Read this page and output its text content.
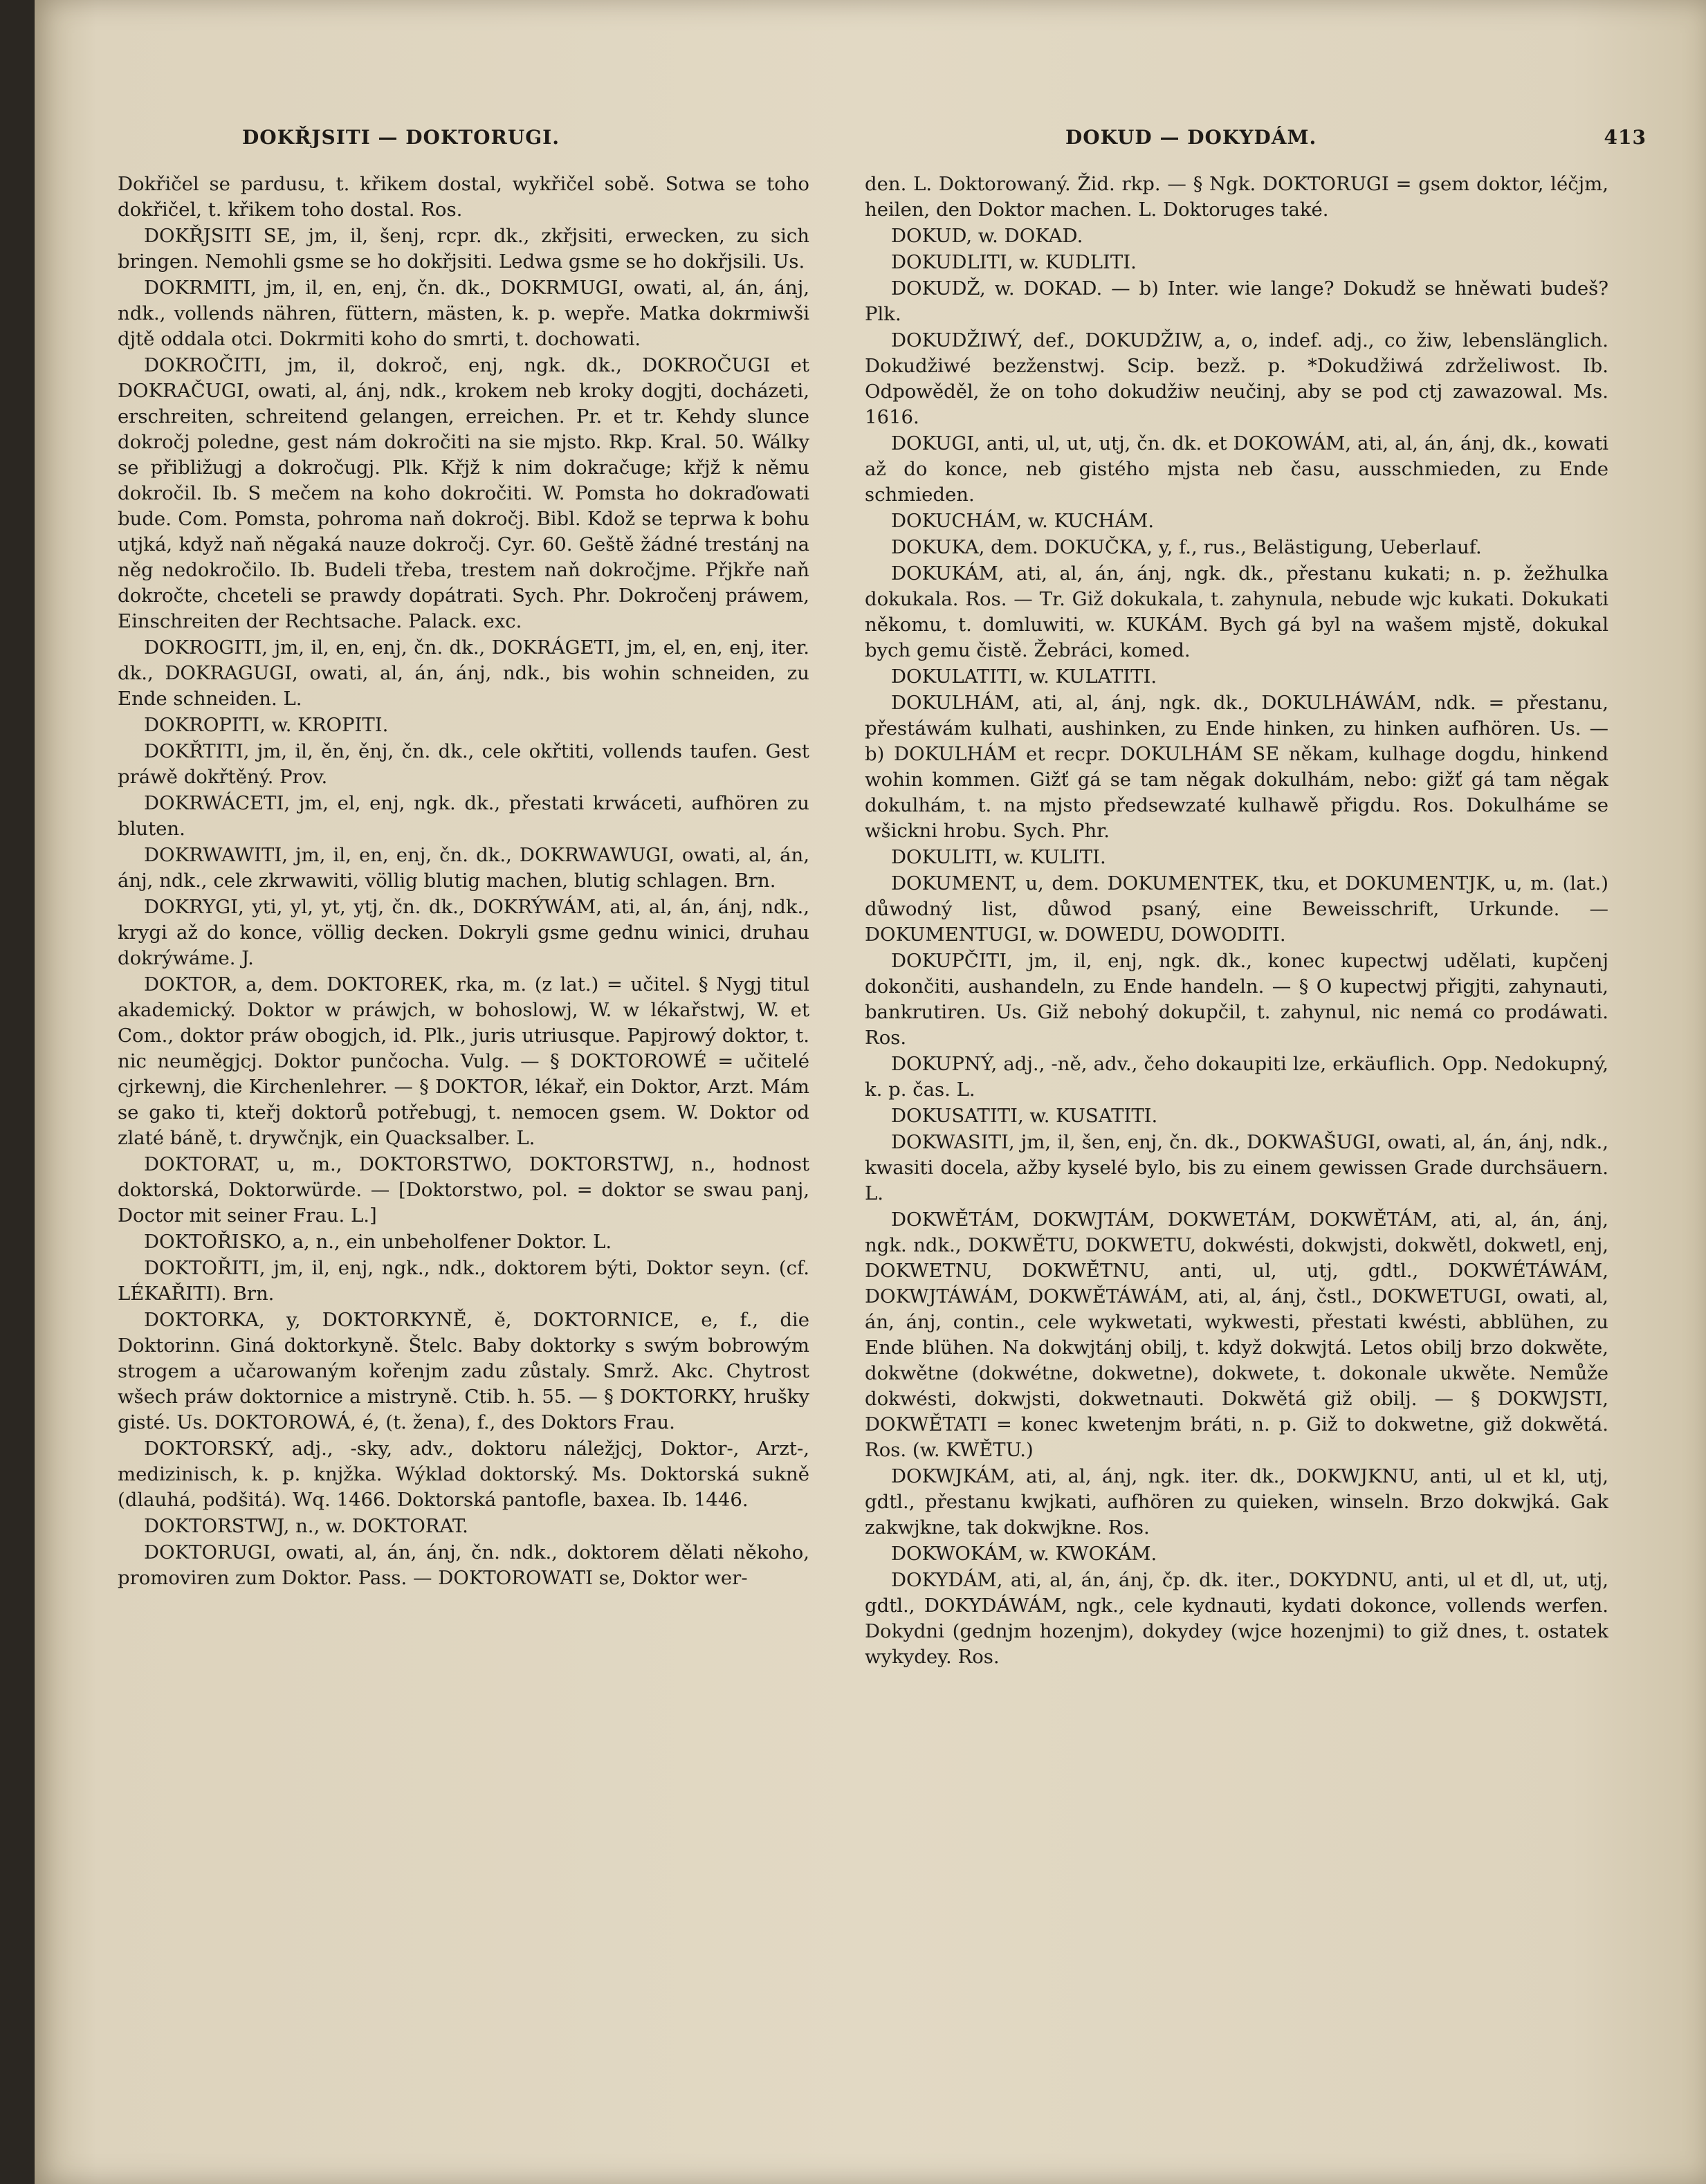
DOKŘJSITI — DOKTORUGI.	DOKUD — DOKYDÁM.	413

Dokřičel se pardusu, t. křikem dostal, wykřičel sobě. Sotwa se toho dokřičel, t. křikem toho dostal. Ros.

DOKŘJSITI SE, jm, il, šenj, rcpr. dk., zkřjsiti, erwecken, zu sich bringen. Nemohli gsme se ho dokřjsiti. Ledwa gsme se ho dokřjsili. Us.

DOKRMITI, jm, il, en, enj, čn. dk., DOKRMUGI, owati, al, án, ánj, ndk., vollends nähren, füttern, mästen, k. p. wepře. Matka dokrmiwši djtě oddala otci. Dokrmiti koho do smrti, t. dochowati.

DOKROČITI, jm, il, dokroč, enj, ngk. dk., DOKROČUGI et DOKRAČUGI, owati, al, ánj, ndk., krokem neb kroky dogjti, docházeti, erschreiten, schreitend gelangen, erreichen. Pr. et tr. Kehdy slunce dokročj poledne, gest nám dokročiti na sie mjsto. Rkp. Kral. 50. Wálky se přibližugj a dokročugj. Plk. Křjž k nim dokračuge; křjž k němu dokročil. Ib. S mečem na koho dokročiti. W. Pomsta ho dokraďowati bude. Com. Pomsta, pohroma naň dokročj. Bibl. Kdož se teprwa k bohu utjká, když naň něgaká nauze dokročj. Cyr. 60. Geště žádné trestánj na něg nedokročilo. Ib. Budeli třeba, trestem naň dokročjme. Přjkře naň dokročte, chceteli se prawdy dopátrati. Sych. Phr. Dokročenj práwem, Einschreiten der Rechtsache. Palack. exc.

DOKROGITI, jm, il, en, enj, čn. dk., DOKRÁGETI, jm, el, en, enj, iter. dk., DOKRAGUGI, owati, al, án, ánj, ndk., bis wohin schneiden, zu Ende schneiden. L.

DOKROPITI, w. KROPITI.

DOKŘTITI, jm, il, ěn, ěnj, čn. dk., cele okřtiti, vollends taufen. Gest práwě dokřtěný. Prov.

DOKRWÁCETI, jm, el, enj, ngk. dk., přestati krwáceti, aufhören zu bluten.

DOKRWAWITI, jm, il, en, enj, čn. dk., DOKRWAWUGI, owati, al, án, ánj, ndk., cele zkrwawiti, völlig blutig machen, blutig schlagen. Brn.

DOKRYGI, yti, yl, yt, ytj, čn. dk., DOKRÝWÁM, ati, al, án, ánj, ndk., krygi až do konce, völlig decken. Dokryli gsme gednu winici, druhau dokrýwáme. J.

DOKTOR, a, dem. DOKTOREK, rka, m. (z lat.) = učitel. § Nygj titul akademický. Doktor w práwjch, w bohoslowj, W. w lékařstwj, W. et Com., doktor práw obogjch, id. Plk., juris utriusque. Papjrowý doktor, t. nic neuměgjcj. Doktor punčocha. Vulg. — § DOKTOROWÉ = učitelé cjrkewnj, die Kirchenlehrer. — § DOKTOR, lékař, ein Doktor, Arzt. Mám se gako ti, kteřj doktorů potřebugj, t. nemocen gsem. W. Doktor od zlaté báně, t. drywčnjk, ein Quacksalber. L.

DOKTORAT, u, m., DOKTORSTWO, DOKTORSTWJ, n., hodnost doktorská, Doktorwürde. — [Doktorstwo, pol. = doktor se swau panj, Doctor mit seiner Frau. L.]

DOKTOŘISKO, a, n., ein unbeholfener Doktor. L.

DOKTOŘITI, jm, il, enj, ngk., ndk., doktorem býti, Doktor seyn. (cf. LÉKAŘITI). Brn.

DOKTORKA, y, DOKTORKYNĚ, ě, DOKTORNICE, e, f., die Doktorinn. Giná doktorkyně. Štelc. Baby doktorky s swým bobrowým strogem a učarowaným kořenjm zadu zůstaly. Smrž. Akc. Chytrost wšech práw doktornice a mistryně. Ctib. h. 55. — § DOKTORKY, hrušky gisté. Us. DOKTOROWÁ, é, (t. žena), f., des Doktors Frau.

DOKTORSKÝ, adj., -sky, adv., doktoru náležjcj, Doktor-, Arzt-, medizinisch, k. p. knjžka. Wýklad doktorský. Ms. Doktorská sukně (dlauhá, podšitá). Wq. 1466. Doktorská pantofle, baxea. Ib. 1446.

DOKTORSTWJ, n., w. DOKTORAT.

DOKTORUGI, owati, al, án, ánj, čn. ndk., doktorem dělati někoho, promoviren zum Doktor. Pass. — DOKTOROWATI se, Doktor wer-

den. L. Doktorowaný. Žid. rkp. — § Ngk. DOKTORUGI = gsem doktor, léčjm, heilen, den Doktor machen. L. Doktoruges také.

DOKUD, w. DOKAD.

DOKUDLITI, w. KUDLITI.

DOKUDŽ, w. DOKAD. — b) Inter. wie lange? Dokudž se hněwati budeš? Plk.

DOKUDŽIWÝ, def., DOKUDŽIW, a, o, indef. adj., co žiw, lebenslänglich. Dokudžiwé bezženstwj. Scip. bezž. p. *Dokudžiwá zdrželiwost. Ib. Odpowěděl, že on toho dokudžiw neučinj, aby se pod ctj zawazowal. Ms. 1616.

DOKUGI, anti, ul, ut, utj, čn. dk. et DOKOWÁM, ati, al, án, ánj, dk., kowati až do konce, neb gistého mjsta neb času, ausschmieden, zu Ende schmieden.

DOKUCHÁM, w. KUCHÁM.

DOKUKA, dem. DOKUČKA, y, f., rus., Belästigung, Ueberlauf.

DOKUKÁM, ati, al, án, ánj, ngk. dk., přestanu kukati; n. p. žežhulka dokukala. Ros. — Tr. Giž dokukala, t. zahynula, nebude wjc kukati. Dokukati někomu, t. domluwiti, w. KUKÁM. Bych gá byl na wašem mjstě, dokukal bych gemu čistě. Žebráci, komed.

DOKULATITI, w. KULATITI.

DOKULHÁM, ati, al, ánj, ngk. dk., DOKULHÁWÁM, ndk. = přestanu, přestáwám kulhati, aushinken, zu Ende hinken, zu hinken aufhören. Us. — b) DOKULHÁM et recpr. DOKULHÁM SE někam, kulhage dogdu, hinkend wohin kommen. Gižť gá se tam něgak dokulhám, nebo: gižť gá tam něgak dokulhám, t. na mjsto předsewzaté kulhawě přigdu. Ros. Dokulháme se wšickni hrobu. Sych. Phr.

DOKULITI, w. KULITI.

DOKUMENT, u, dem. DOKUMENTEK, tku, et DOKUMENTJK, u, m. (lat.) důwodný list, důwod psaný, eine Beweisschrift, Urkunde. — DOKUMENTUGI, w. DOWEDU, DOWODITI.

DOKUPČITI, jm, il, enj, ngk. dk., konec kupectwj udělati, kupčenj dokončiti, aushandeln, zu Ende handeln. — § O kupectwj přigjti, zahynauti, bankrutiren. Us. Giž nebohý dokupčil, t. zahynul, nic nemá co prodáwati. Ros.

DOKUPNÝ, adj., -ně, adv., čeho dokaupiti lze, erkäuflich. Opp. Nedokupný, k. p. čas. L.

DOKUSATITI, w. KUSATITI.

DOKWASITI, jm, il, šen, enj, čn. dk., DOKWAŠUGI, owati, al, án, ánj, ndk., kwasiti docela, ažby kyselé bylo, bis zu einem gewissen Grade durchsäuern. L.

DOKWĚTÁM, DOKWJTÁM, DOKWETÁM, DOKWĚTÁM, ati, al, án, ánj, ngk. ndk., DOKWĚTU, DOKWETU, dokwésti, dokwjsti, dokwětl, dokwetl, enj, DOKWETNU, DOKWĚTNU, anti, ul, utj, gdtl., DOKWÉTÁWÁM, DOKWJTÁWÁM, DOKWĚTÁWÁM, ati, al, ánj, čstl., DOKWETUGI, owati, al, án, ánj, contin., cele wykwetati, wykwesti, přestati kwésti, abblühen, zu Ende blühen. Na dokwjtánj obilj, t. když dokwjtá. Letos obilj brzo dokwěte, dokwětne (dokwétne, dokwetne), dokwete, t. dokonale ukwěte. Nemůže dokwésti, dokwjsti, dokwetnauti. Dokwětá giž obilj. — § DOKWJSTI, DOKWĚTATI = konec kwetenjm bráti, n. p. Giž to dokwetne, giž dokwětá. Ros. (w. KWĚTU.)

DOKWJKÁM, ati, al, ánj, ngk. iter. dk., DOKWJKNU, anti, ul et kl, utj, gdtl., přestanu kwjkati, aufhören zu quieken, winseln. Brzo dokwjká. Gak zakwjkne, tak dokwjkne. Ros.

DOKWOKÁM, w. KWOKÁM.

DOKYDÁM, ati, al, án, ánj, čp. dk. iter., DOKYDNU, anti, ul et dl, ut, utj, gdtl., DOKYDÁWÁM, ngk., cele kydnauti, kydati dokonce, vollends werfen. Dokydni (gednjm hozenjm), dokydey (wjce hozenjmi) to giž dnes, t. ostatek wykydey. Ros.
